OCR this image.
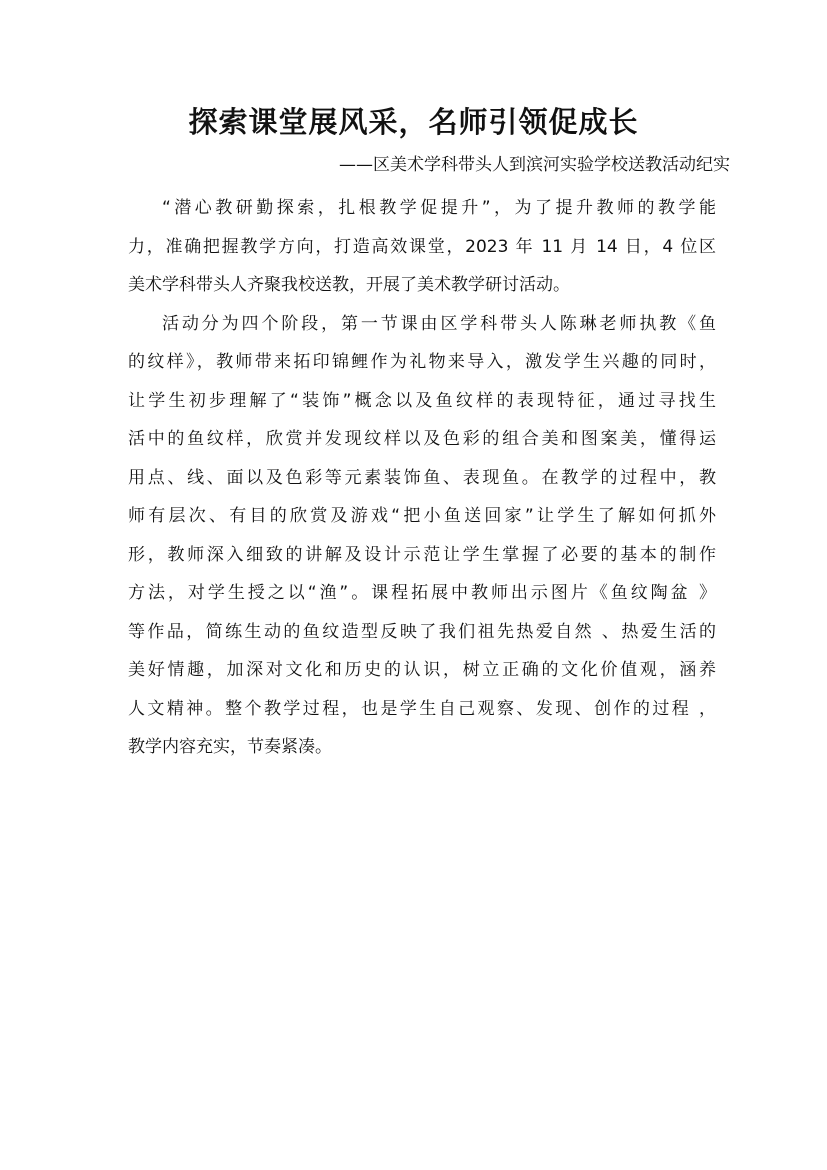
探索课堂展风采，名师引领促成长

——区美术学科带头人到滨河实验学校送教活动纪实

“潜心教研勤探索，扎根教学促提升”，为了提升教师的教学能
力，准确把握教学方向，打造高效课堂，2023 年 11 月 14 日，4 位区
美术学科带头人齐聚我校送教，开展了美术教学研讨活动。
活动分为四个阶段，第一节课由区学科带头人陈琳老师执教《鱼
的纹样》，教师带来拓印锦鲤作为礼物来导入，激发学生兴趣的同时，
让学生初步理解了“装饰”概念以及鱼纹样的表现特征，通过寻找生
活中的鱼纹样，欣赏并发现纹样以及色彩的组合美和图案美，懂得运
用点、线、面以及色彩等元素装饰鱼、表现鱼。在教学的过程中，教
师有层次、有目的欣赏及游戏“把小鱼送回家”让学生了解如何抓外
形，教师深入细致的讲解及设计示范让学生掌握了必要的基本的制作
方法，对学生授之以“渔”。课程拓展中教师出示图片《鱼纹陶盆 》
等作品，简练生动的鱼纹造型反映了我们祖先热爱自然 、热爱生活的
美好情趣，加深对文化和历史的认识，树立正确的文化价值观，涵养
人文精神。整个教学过程，也是学生自己观察、发现、创作的过程 ，
教学内容充实，节奏紧凑。
